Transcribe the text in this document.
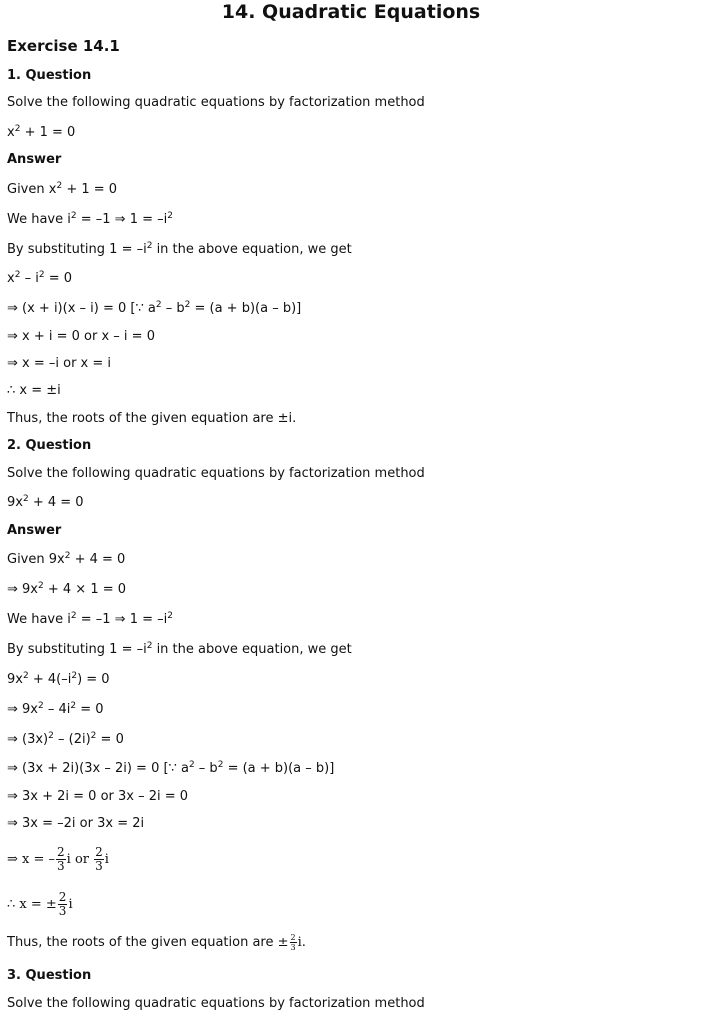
14. Quadratic Equations
Exercise 14.1
1. Question
Solve the following quadratic equations by factorization method
$x^2 + 1 = 0$
Answer
Given $x^2 + 1 = 0$
We have $i^2 = -1$ ⇒ $1 = -i^2$
By substituting $1 = -i^2$ in the above equation, we get
$x^2 - i^2 = 0$
⇒ (x + i)(x – i) = 0 [∵ $a^2 - b^2 = (a + b)(a - b)$]
⇒ x + i = 0 or x – i = 0
⇒ x = –i or x = i
∴ x = ±i
Thus, the roots of the given equation are ±i.
2. Question
Solve the following quadratic equations by factorization method
$9x^2 + 4 = 0$
Answer
Given $9x^2 + 4 = 0$
⇒ $9x^2 + 4 \times 1 = 0$
We have $i^2 = -1$ ⇒ $1 = -i^2$
By substituting $1 = -i^2$ in the above equation, we get
$9x^2 + 4(-i^2) = 0$
⇒ $9x^2 - 4i^2 = 0$
⇒ $(3x)^2 - (2i)^2 = 0$
⇒ (3x + 2i)(3x – 2i) = 0 [∵ $a^2 - b^2 = (a + b)(a - b)$]
⇒ 3x + 2i = 0 or 3x – 2i = 0
⇒ 3x = –2i or 3x = 2i
⇒ x = – $\frac{2}{3}$ i or $\frac{2}{3}$ i
∴ x = ± $\frac{2}{3}$ i
Thus, the roots of the given equation are ± $\frac{2}{3} i$.
3. Question
Solve the following quadratic equations by factorization method
